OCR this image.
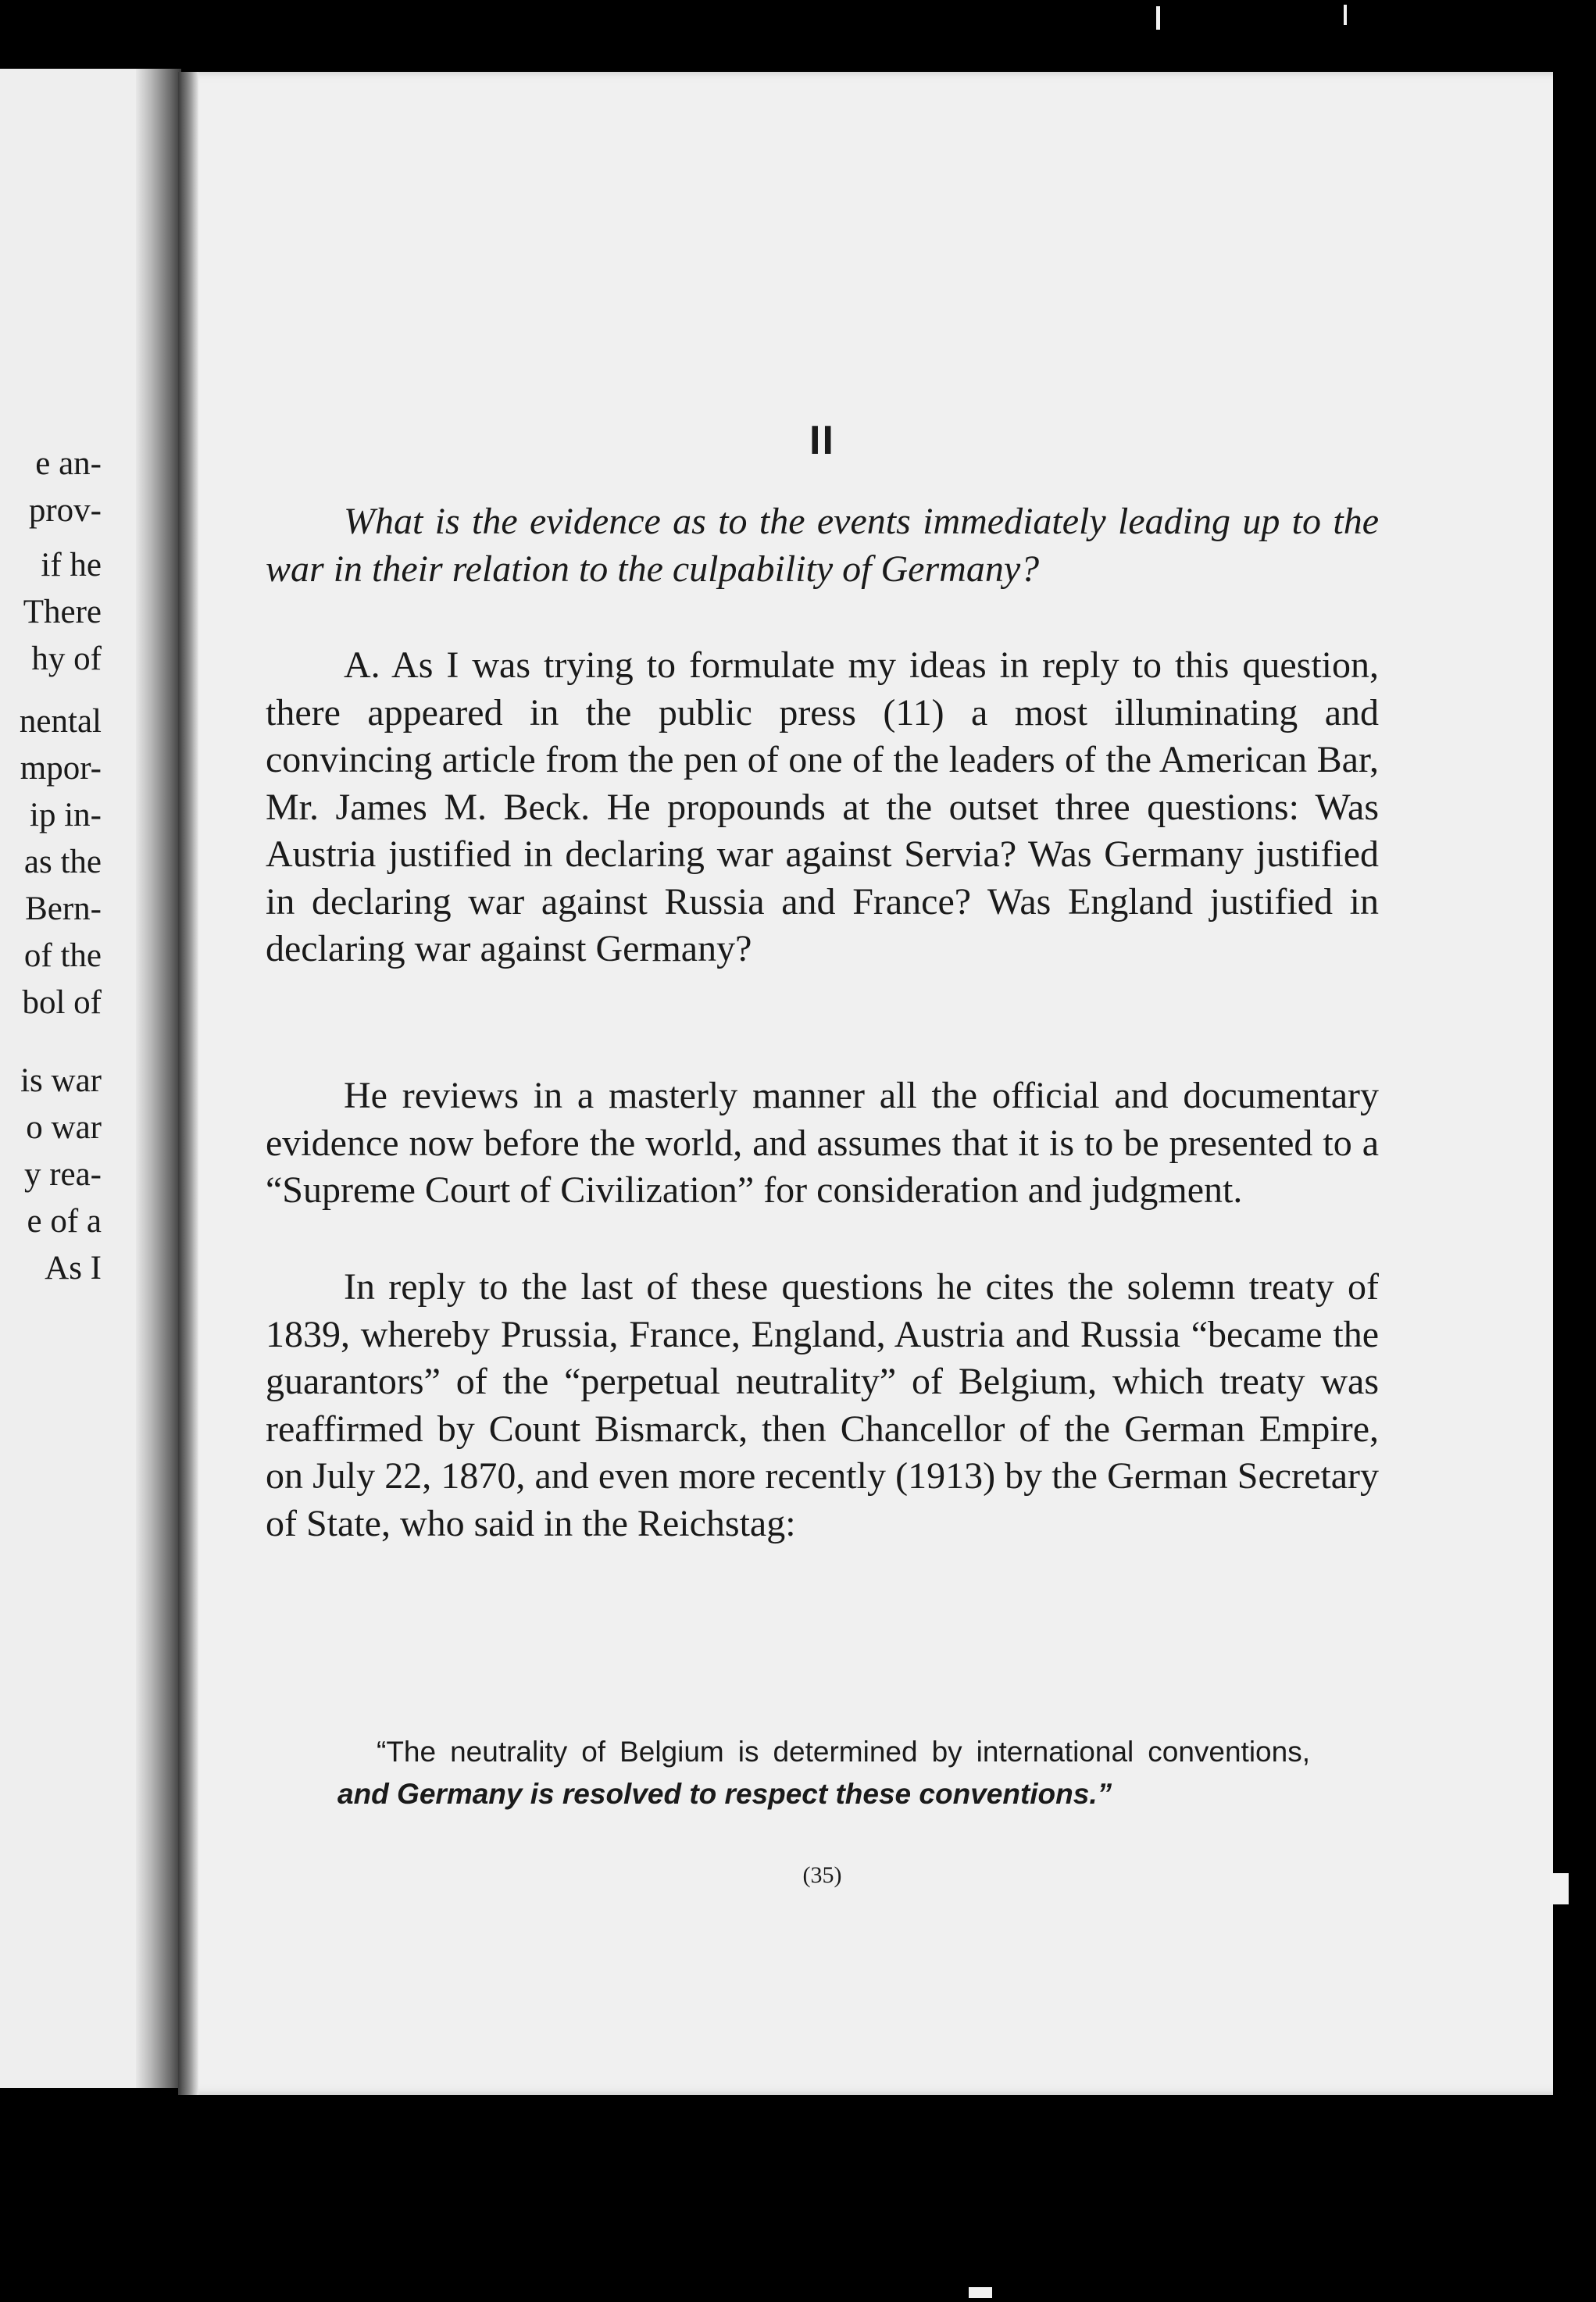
e an-
prov-
if he
There
hy of
nental
mpor-
ip in-
as the
Bern-
of the
bol of
is war
o war
y rea-
e of a
As I
II

What is the evidence as to the events immediately leading up to the war in their relation to the culpability of Germany?

A. As I was trying to formulate my ideas in reply to this question, there appeared in the public press (11) a most illuminating and convincing article from the pen of one of the leaders of the American Bar, Mr. James M. Beck. He propounds at the outset three questions: Was Austria justified in declaring war against Servia? Was Germany justified in declaring war against Russia and France? Was England justified in declaring war against Germany?

He reviews in a masterly manner all the official and documentary evidence now before the world, and assumes that it is to be presented to a “Supreme Court of Civilization” for consideration and judgment.

In reply to the last of these questions he cites the solemn treaty of 1839, whereby Prussia, France, England, Austria and Russia “became the guarantors” of the “perpetual neutrality” of Belgium, which treaty was reaffirmed by Count Bismarck, then Chancellor of the German Empire, on July 22, 1870, and even more recently (1913) by the German Secretary of State, who said in the Reichstag:

“The neutrality of Belgium is determined by international conventions, and Germany is resolved to respect these conventions.”

(35)
